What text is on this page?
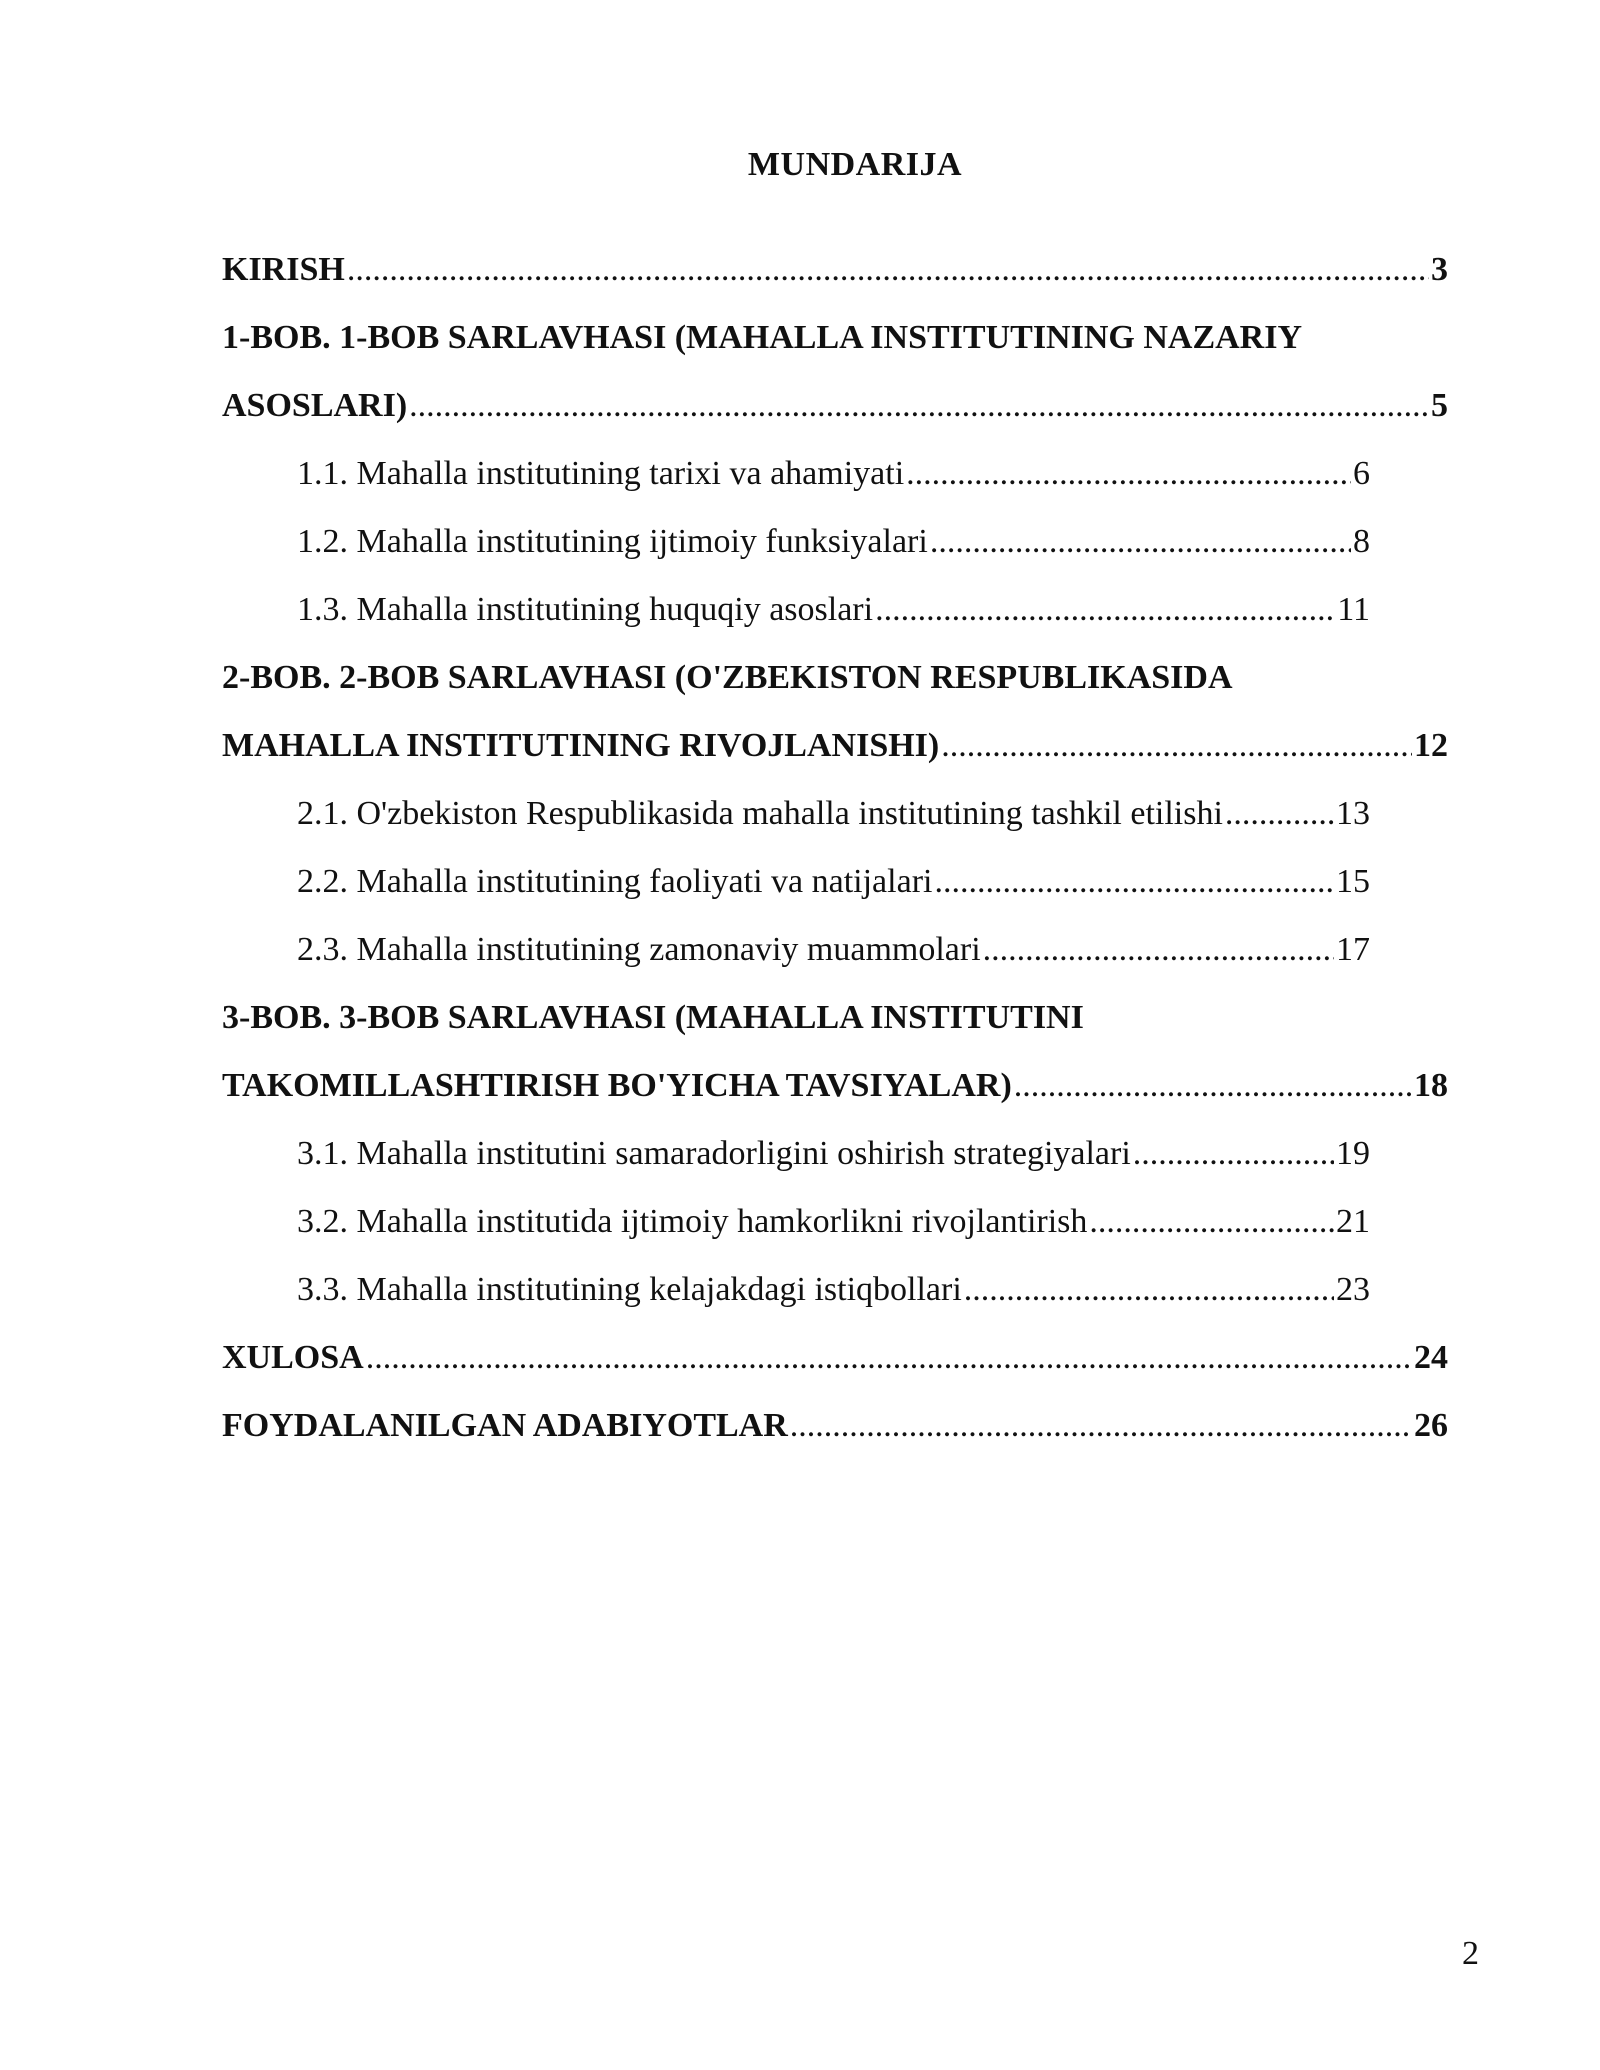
MUNDARIJA
KIRISH .....	3
1-BOB. 1-BOB SARLAVHASI (MAHALLA INSTITUTINING NAZARIY
ASOSLARI) .....	5
1.1. Mahalla institutining tarixi va ahamiyati .....	6
1.2. Mahalla institutining ijtimoiy funksiyalari .....	8
1.3. Mahalla institutining huquqiy asoslari .....	11
2-BOB. 2-BOB SARLAVHASI (O'ZBEKISTON RESPUBLIKASIDA
MAHALLA INSTITUTINING RIVOJLANISHI) .....	12
2.1. O'zbekiston Respublikasida mahalla institutining tashkil etilishi .....	13
2.2. Mahalla institutining faoliyati va natijalari .....	15
2.3. Mahalla institutining zamonaviy muammolari .....	17
3-BOB. 3-BOB SARLAVHASI (MAHALLA INSTITUTINI
TAKOMILLASHTIRISH BO'YICHA TAVSIYALAR) .....	18
3.1. Mahalla institutini samaradorligini oshirish strategiyalari .....	19
3.2. Mahalla institutida ijtimoiy hamkorlikni rivojlantirish .....	21
3.3. Mahalla institutining kelajakdagi istiqbollari .....	23
XULOSA .....	24
FOYDALANILGAN ADABIYOTLAR .....	26
2
